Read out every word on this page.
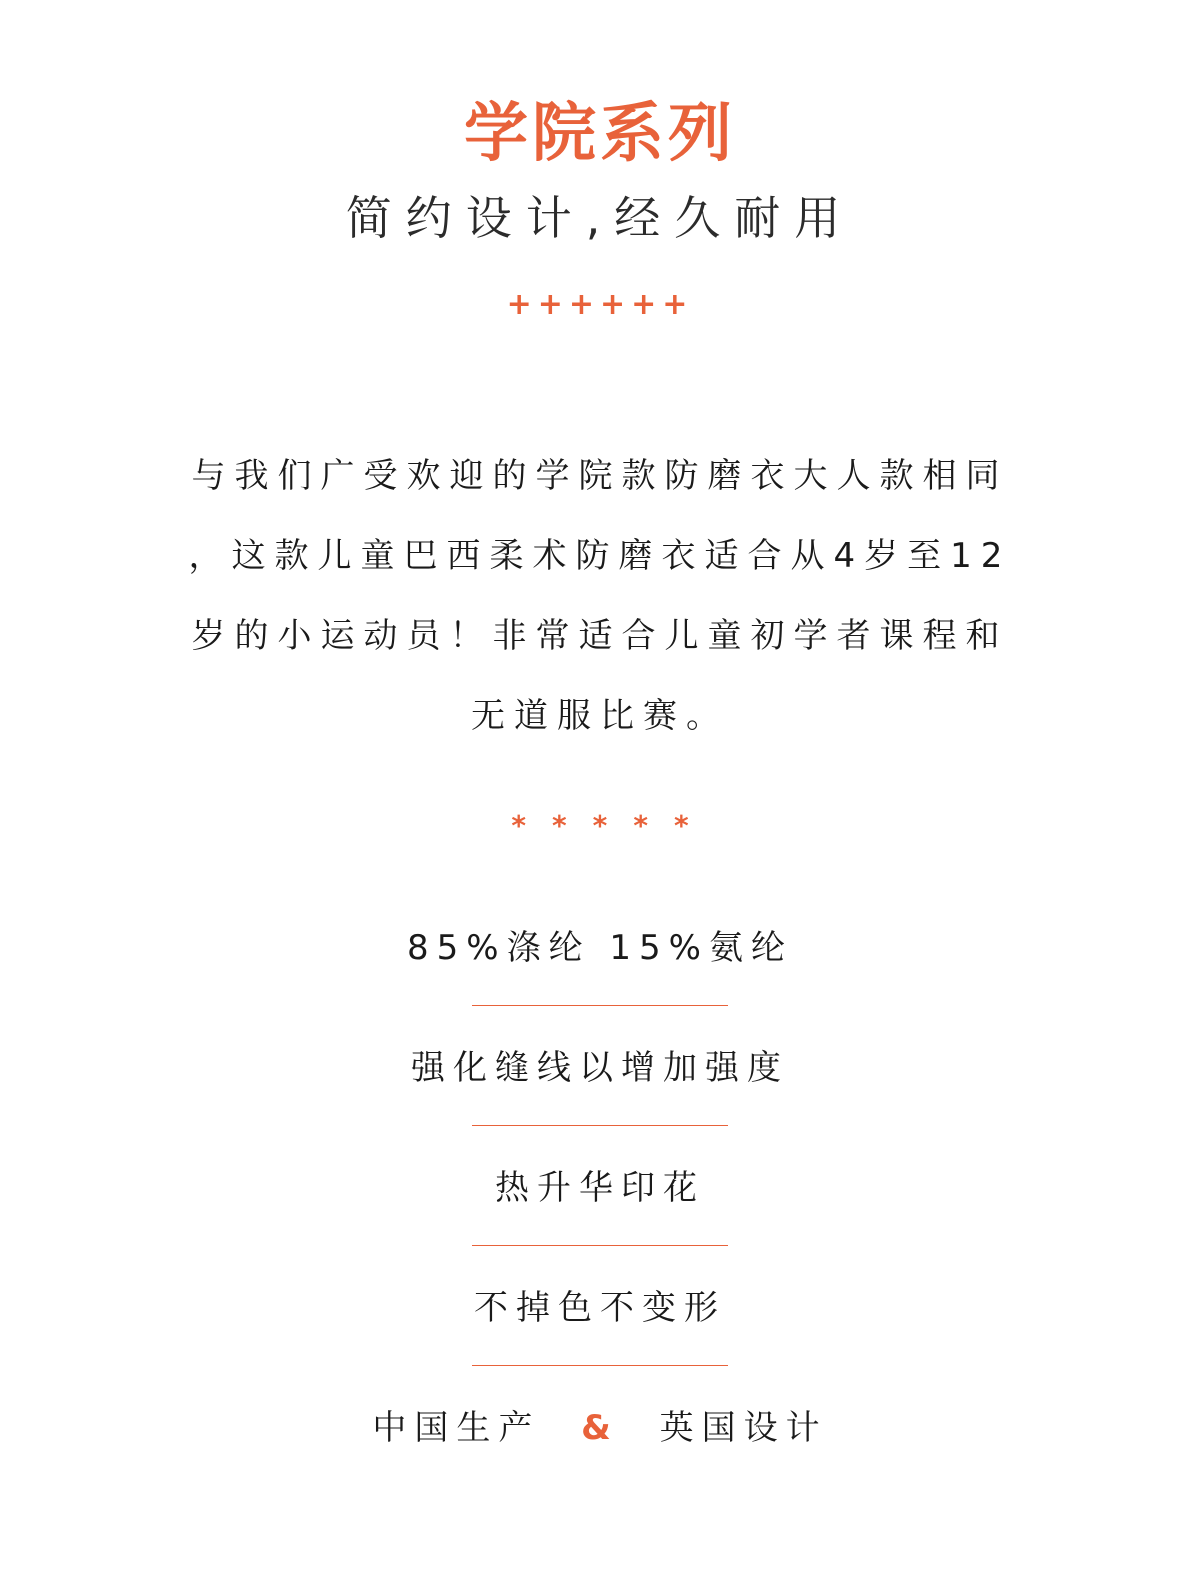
学院系列
简约设计,经久耐用
++++++
与我们广受欢迎的学院款防磨衣大人款相同
，这款儿童巴西柔术防磨衣适合从4岁至12
岁的小运动员！非常适合儿童初学者课程和
无道服比赛。
*****
85%涤纶 15%氨纶
强化缝线以增加强度
热升华印花
不掉色不变形
中国生产 & 英国设计
